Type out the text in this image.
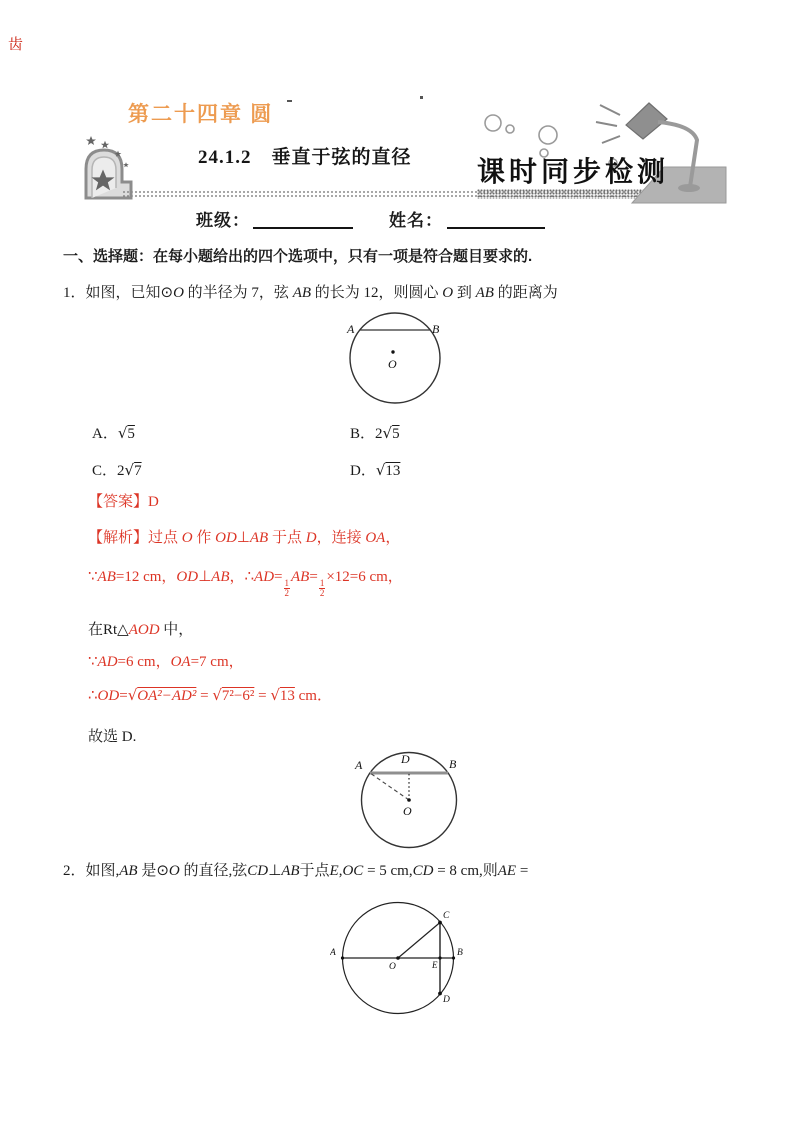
齿
第二十四章 圆
24.1.2　垂直于弦的直径 课时同步检测
班级：	姓名：
一、选择题：在每小题给出的四个选项中，只有一项是符合题目要求的.
1．如图，已知⊙O 的半径为 7，弦 AB 的长为 12，则圆心 O 到 AB 的距离为
A	B
O
A．√5	B．2√5
C．2√7	D．√13
【答案】D
【解析】过点 O 作 OD⊥AB 于点 D，连接 OA，
∵AB=12 cm，OD⊥AB，∴AD=
$\frac{1}{2}$
AB=
$\frac{1}{2}$
×12=6 cm，
在Rt△AOD 中，
∵AD=6 cm，OA=7 cm，
∴OD=√OA²−AD² = √7²−6² = √13 cm．
故选 D.
A	D	B
O
2．如图,AB 是⊙O 的直径,弦CD⊥AB于点E,OC = 5 cm,CD = 8 cm,则AE =
A	B
C
D
E
O
